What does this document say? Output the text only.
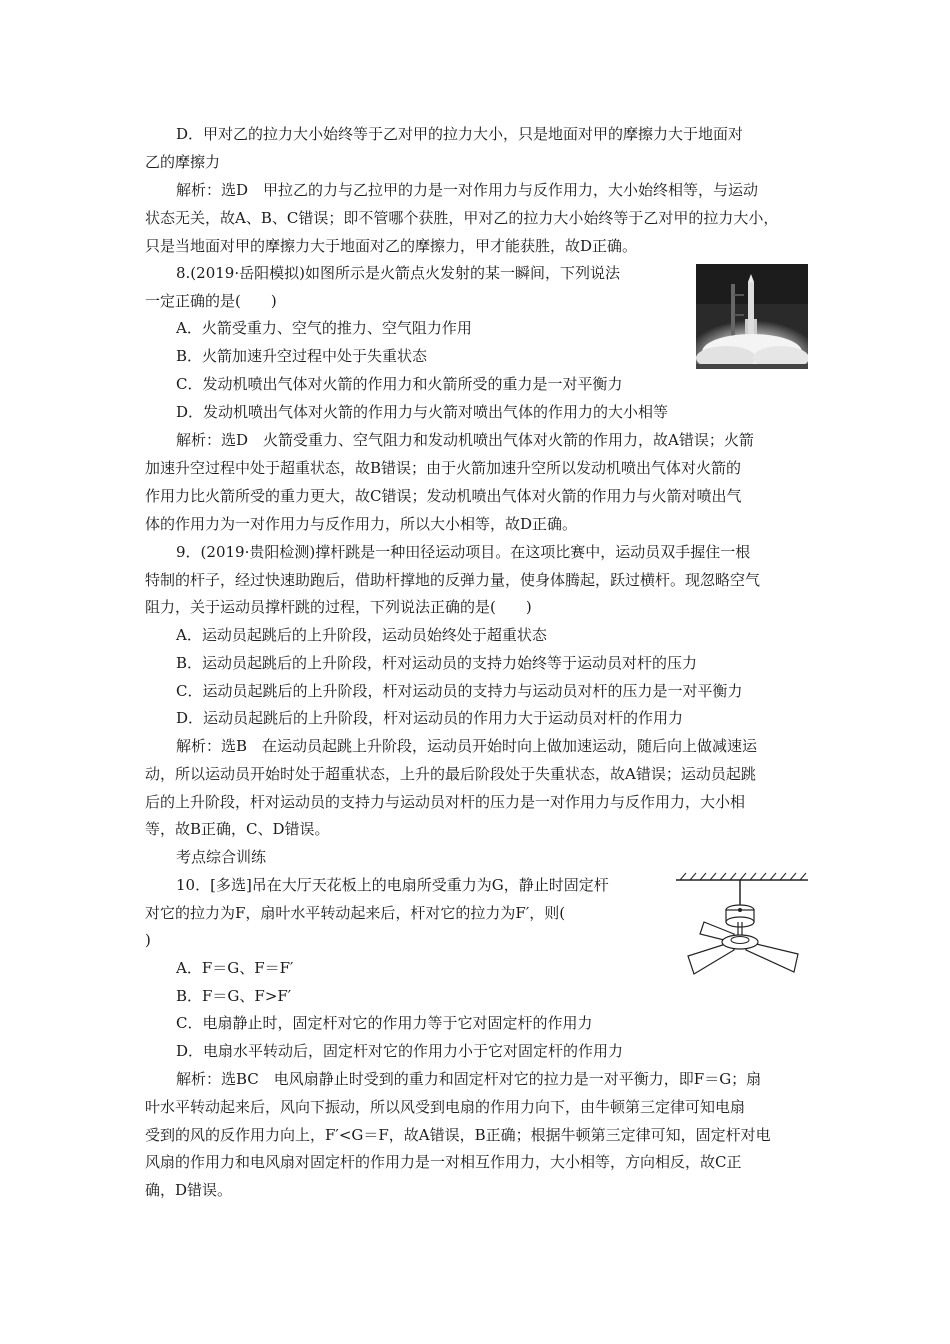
D．甲对乙的拉力大小始终等于乙对甲的拉力大小，只是地面对甲的摩擦力大于地面对
乙的摩擦力
解析：选D　甲拉乙的力与乙拉甲的力是一对作用力与反作用力，大小始终相等，与运动
状态无关，故A、B、C错误；即不管哪个获胜，甲对乙的拉力大小始终等于乙对甲的拉力大小，
只是当地面对甲的摩擦力大于地面对乙的摩擦力，甲才能获胜，故D正确。
8.(2019·岳阳模拟)如图所示是火箭点火发射的某一瞬间，下列说法
一定正确的是(　　)
A．火箭受重力、空气的推力、空气阻力作用
B．火箭加速升空过程中处于失重状态
C．发动机喷出气体对火箭的作用力和火箭所受的重力是一对平衡力
D．发动机喷出气体对火箭的作用力与火箭对喷出气体的作用力的大小相等
解析：选D　火箭受重力、空气阻力和发动机喷出气体对火箭的作用力，故A错误；火箭
加速升空过程中处于超重状态，故B错误；由于火箭加速升空所以发动机喷出气体对火箭的
作用力比火箭所受的重力更大，故C错误；发动机喷出气体对火箭的作用力与火箭对喷出气
体的作用力为一对作用力与反作用力，所以大小相等，故D正确。
9．(2019·贵阳检测)撑杆跳是一种田径运动项目。在这项比赛中，运动员双手握住一根
特制的杆子，经过快速助跑后，借助杆撑地的反弹力量，使身体腾起，跃过横杆。现忽略空气
阻力，关于运动员撑杆跳的过程，下列说法正确的是(　　)
A．运动员起跳后的上升阶段，运动员始终处于超重状态
B．运动员起跳后的上升阶段，杆对运动员的支持力始终等于运动员对杆的压力
C．运动员起跳后的上升阶段，杆对运动员的支持力与运动员对杆的压力是一对平衡力
D．运动员起跳后的上升阶段，杆对运动员的作用力大于运动员对杆的作用力
解析：选B　在运动员起跳上升阶段，运动员开始时向上做加速运动，随后向上做减速运
动，所以运动员开始时处于超重状态，上升的最后阶段处于失重状态，故A错误；运动员起跳
后的上升阶段，杆对运动员的支持力与运动员对杆的压力是一对作用力与反作用力，大小相
等，故B正确，C、D错误。
考点综合训练
10．[多选]吊在大厅天花板上的电扇所受重力为G，静止时固定杆
对它的拉力为F，扇叶水平转动起来后，杆对它的拉力为F′，则(
)
A．F＝G、F＝F′
B．F＝G、F>F′
C．电扇静止时，固定杆对它的作用力等于它对固定杆的作用力
D．电扇水平转动后，固定杆对它的作用力小于它对固定杆的作用力
解析：选BC　电风扇静止时受到的重力和固定杆对它的拉力是一对平衡力，即F＝G；扇
叶水平转动起来后，风向下振动，所以风受到电扇的作用力向下，由牛顿第三定律可知电扇
受到的风的反作用力向上，F′<G＝F，故A错误，B正确；根据牛顿第三定律可知，固定杆对电
风扇的作用力和电风扇对固定杆的作用力是一对相互作用力，大小相等，方向相反，故C正
确，D错误。
